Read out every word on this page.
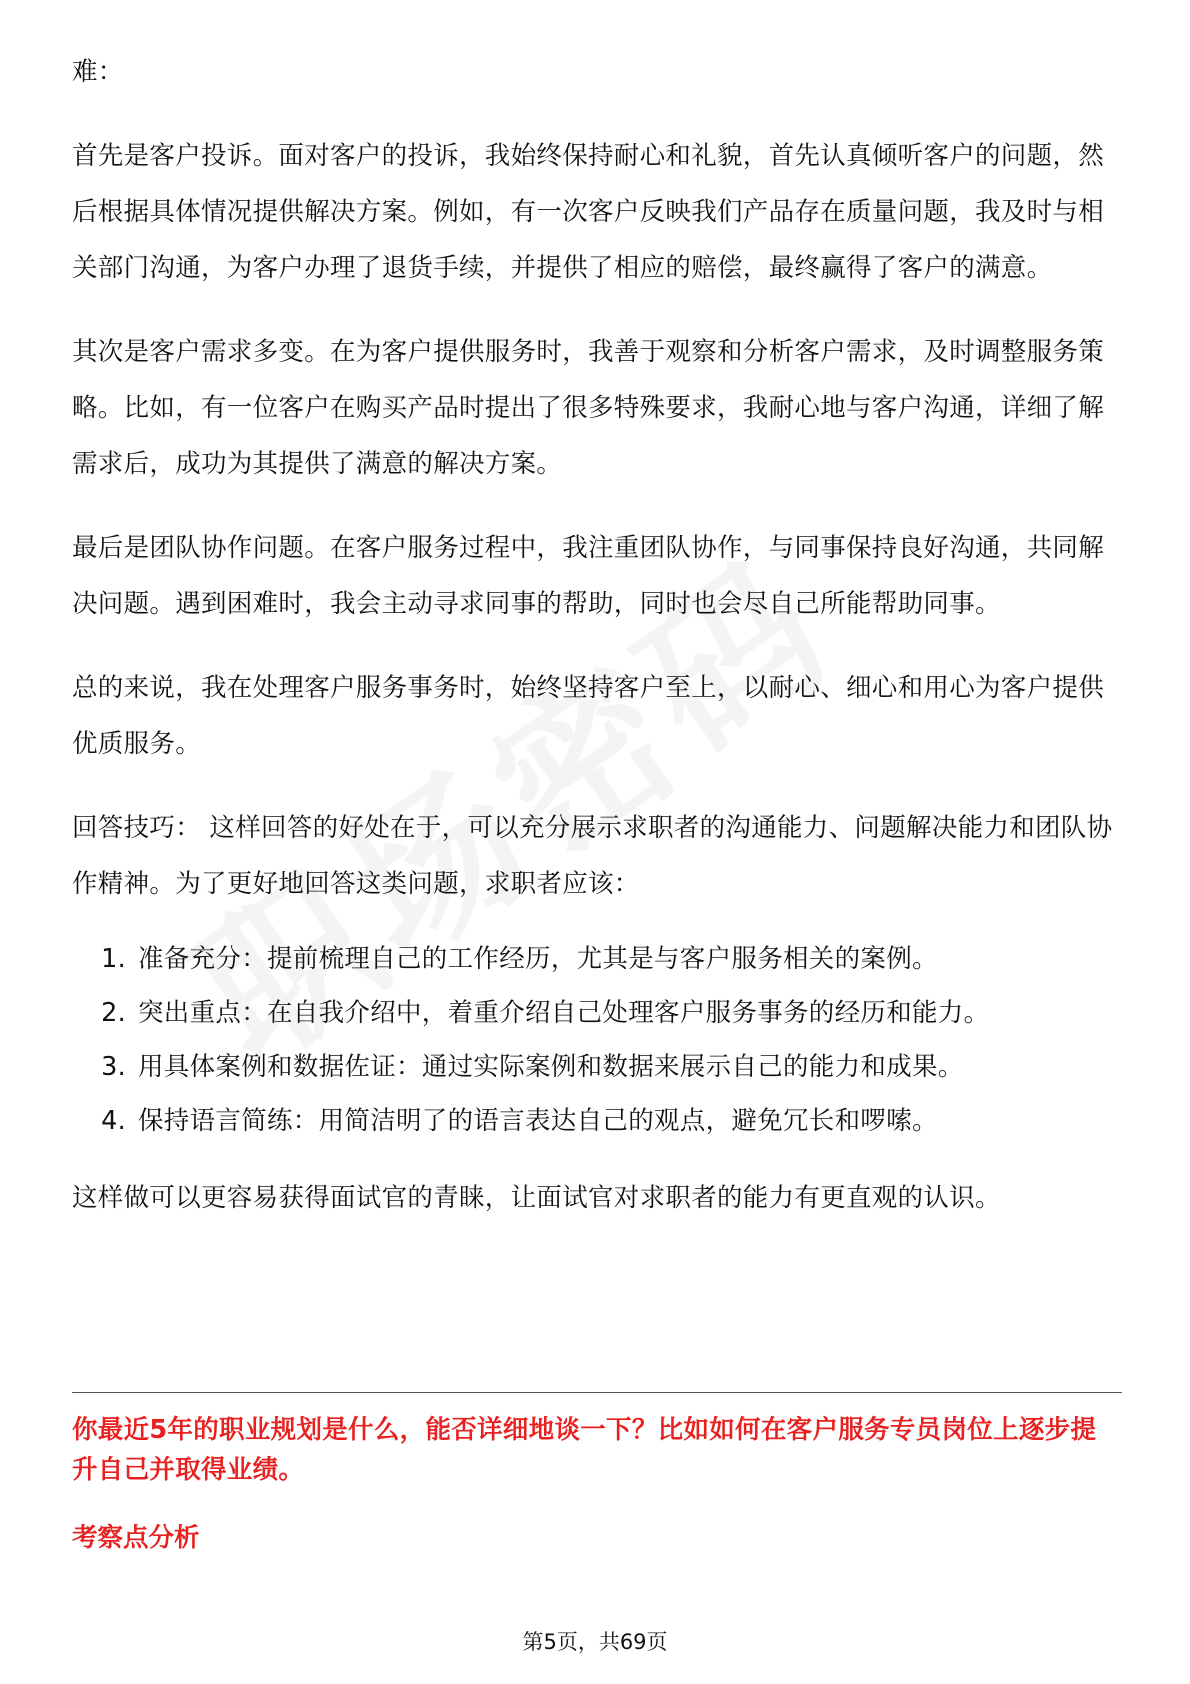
难：

首先是客户投诉。面对客户的投诉，我始终保持耐心和礼貌，首先认真倾听客户的问题，然后根据具体情况提供解决方案。例如，有一次客户反映我们产品存在质量问题，我及时与相关部门沟通，为客户办理了退货手续，并提供了相应的赔偿，最终赢得了客户的满意。

其次是客户需求多变。在为客户提供服务时，我善于观察和分析客户需求，及时调整服务策略。比如，有一位客户在购买产品时提出了很多特殊要求，我耐心地与客户沟通，详细了解需求后，成功为其提供了满意的解决方案。

最后是团队协作问题。在客户服务过程中，我注重团队协作，与同事保持良好沟通，共同解决问题。遇到困难时，我会主动寻求同事的帮助，同时也会尽自己所能帮助同事。

总的来说，我在处理客户服务事务时，始终坚持客户至上，以耐心、细心和用心为客户提供优质服务。

回答技巧： 这样回答的好处在于，可以充分展示求职者的沟通能力、问题解决能力和团队协作精神。为了更好地回答这类问题，求职者应该：

1. 准备充分：提前梳理自己的工作经历，尤其是与客户服务相关的案例。
2. 突出重点：在自我介绍中，着重介绍自己处理客户服务事务的经历和能力。
3. 用具体案例和数据佐证：通过实际案例和数据来展示自己的能力和成果。
4. 保持语言简练：用简洁明了的语言表达自己的观点，避免冗长和啰嗦。

这样做可以更容易获得面试官的青睐，让面试官对求职者的能力有更直观的认识。

你最近5年的职业规划是什么，能否详细地谈一下？比如如何在客户服务专员岗位上逐步提升自己并取得业绩。
考察点分析
第5页，共69页
